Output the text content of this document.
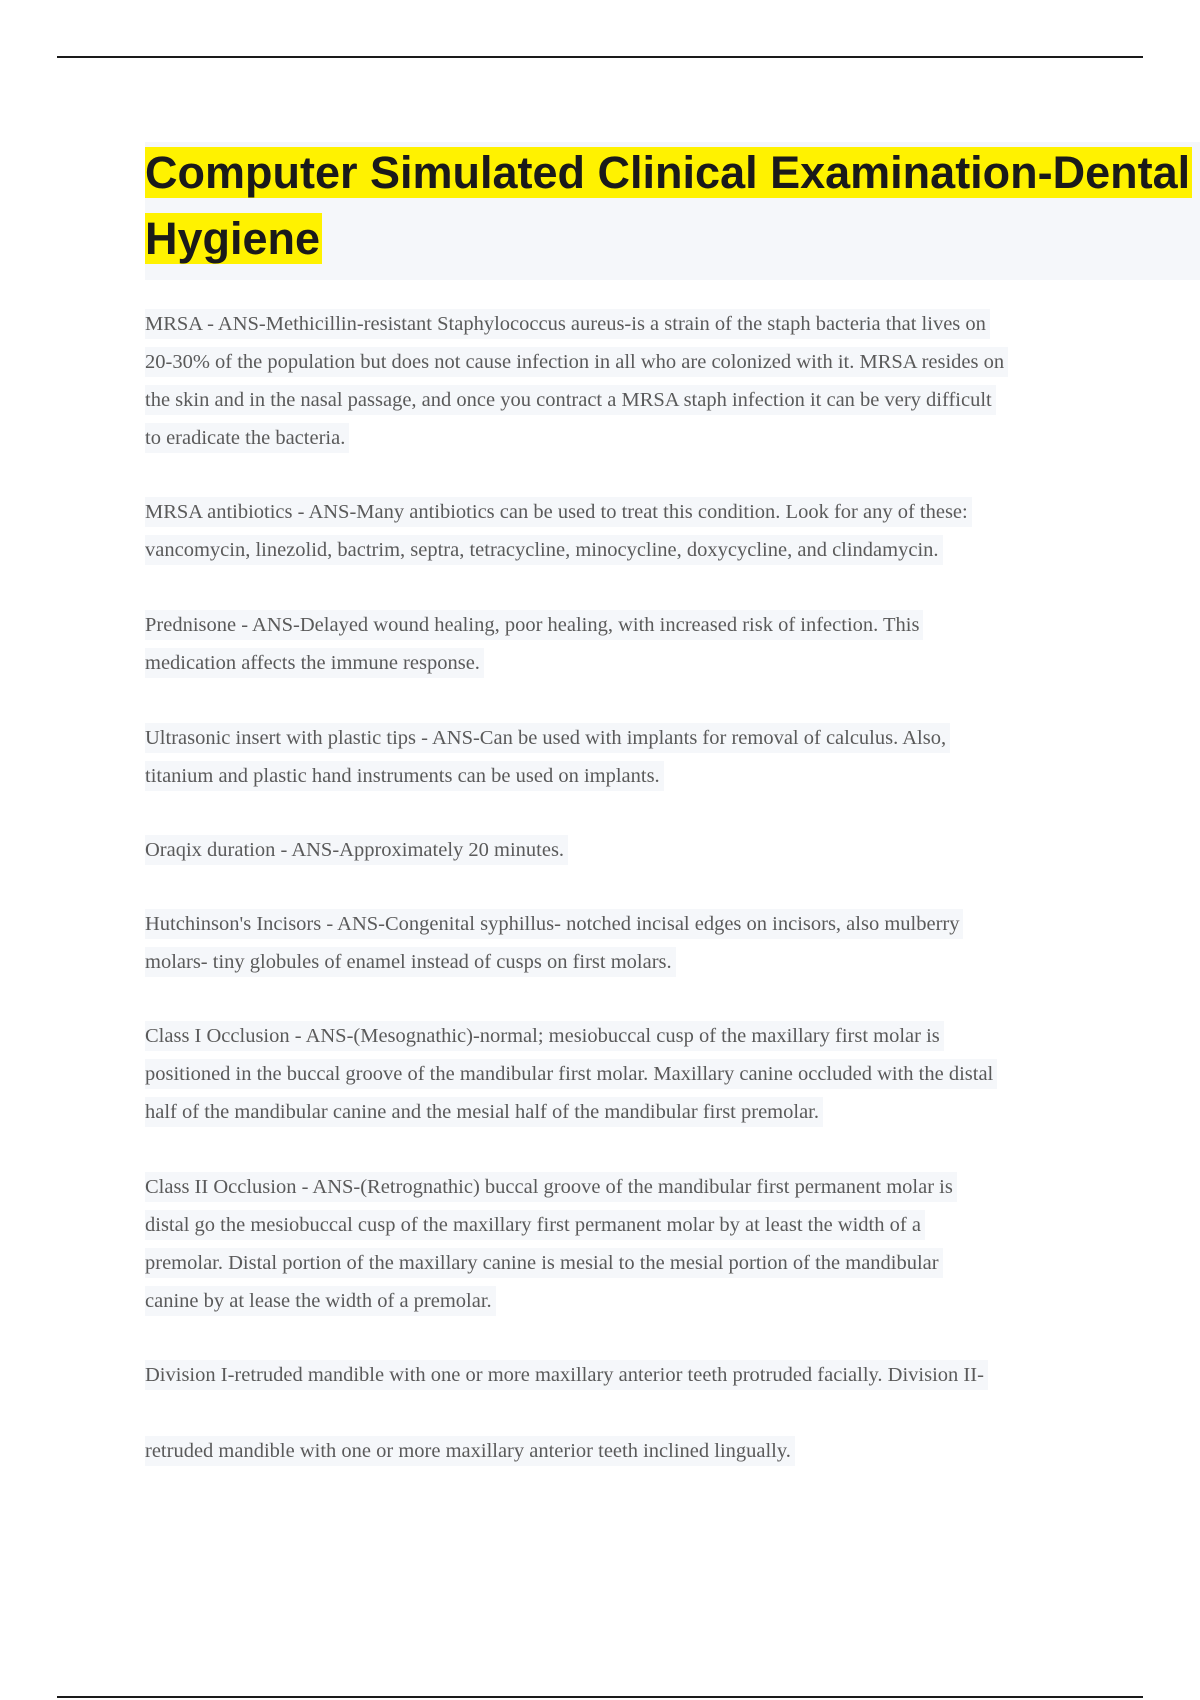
Computer Simulated Clinical Examination-Dental
Hygiene
MRSA - ANS-Methicillin-resistant Staphylococcus aureus-is a strain of the staph bacteria that lives on
20-30% of the population but does not cause infection in all who are colonized with it. MRSA resides on
the skin and in the nasal passage, and once you contract a MRSA staph infection it can be very difficult
to eradicate the bacteria.
MRSA antibiotics - ANS-Many antibiotics can be used to treat this condition. Look for any of these:
vancomycin, linezolid, bactrim, septra, tetracycline, minocycline, doxycycline, and clindamycin.
Prednisone - ANS-Delayed wound healing, poor healing, with increased risk of infection. This
medication affects the immune response.
Ultrasonic insert with plastic tips - ANS-Can be used with implants for removal of calculus. Also,
titanium and plastic hand instruments can be used on implants.
Oraqix duration - ANS-Approximately 20 minutes.
Hutchinson's Incisors - ANS-Congenital syphillus- notched incisal edges on incisors, also mulberry
molars- tiny globules of enamel instead of cusps on first molars.
Class I Occlusion - ANS-(Mesognathic)-normal; mesiobuccal cusp of the maxillary first molar is
positioned in the buccal groove of the mandibular first molar. Maxillary canine occluded with the distal
half of the mandibular canine and the mesial half of the mandibular first premolar.
Class II Occlusion - ANS-(Retrognathic) buccal groove of the mandibular first permanent molar is
distal go the mesiobuccal cusp of the maxillary first permanent molar by at least the width of a
premolar. Distal portion of the maxillary canine is mesial to the mesial portion of the mandibular
canine by at lease the width of a premolar.
Division I-retruded mandible with one or more maxillary anterior teeth protruded facially. Division II-
retruded mandible with one or more maxillary anterior teeth inclined lingually.
